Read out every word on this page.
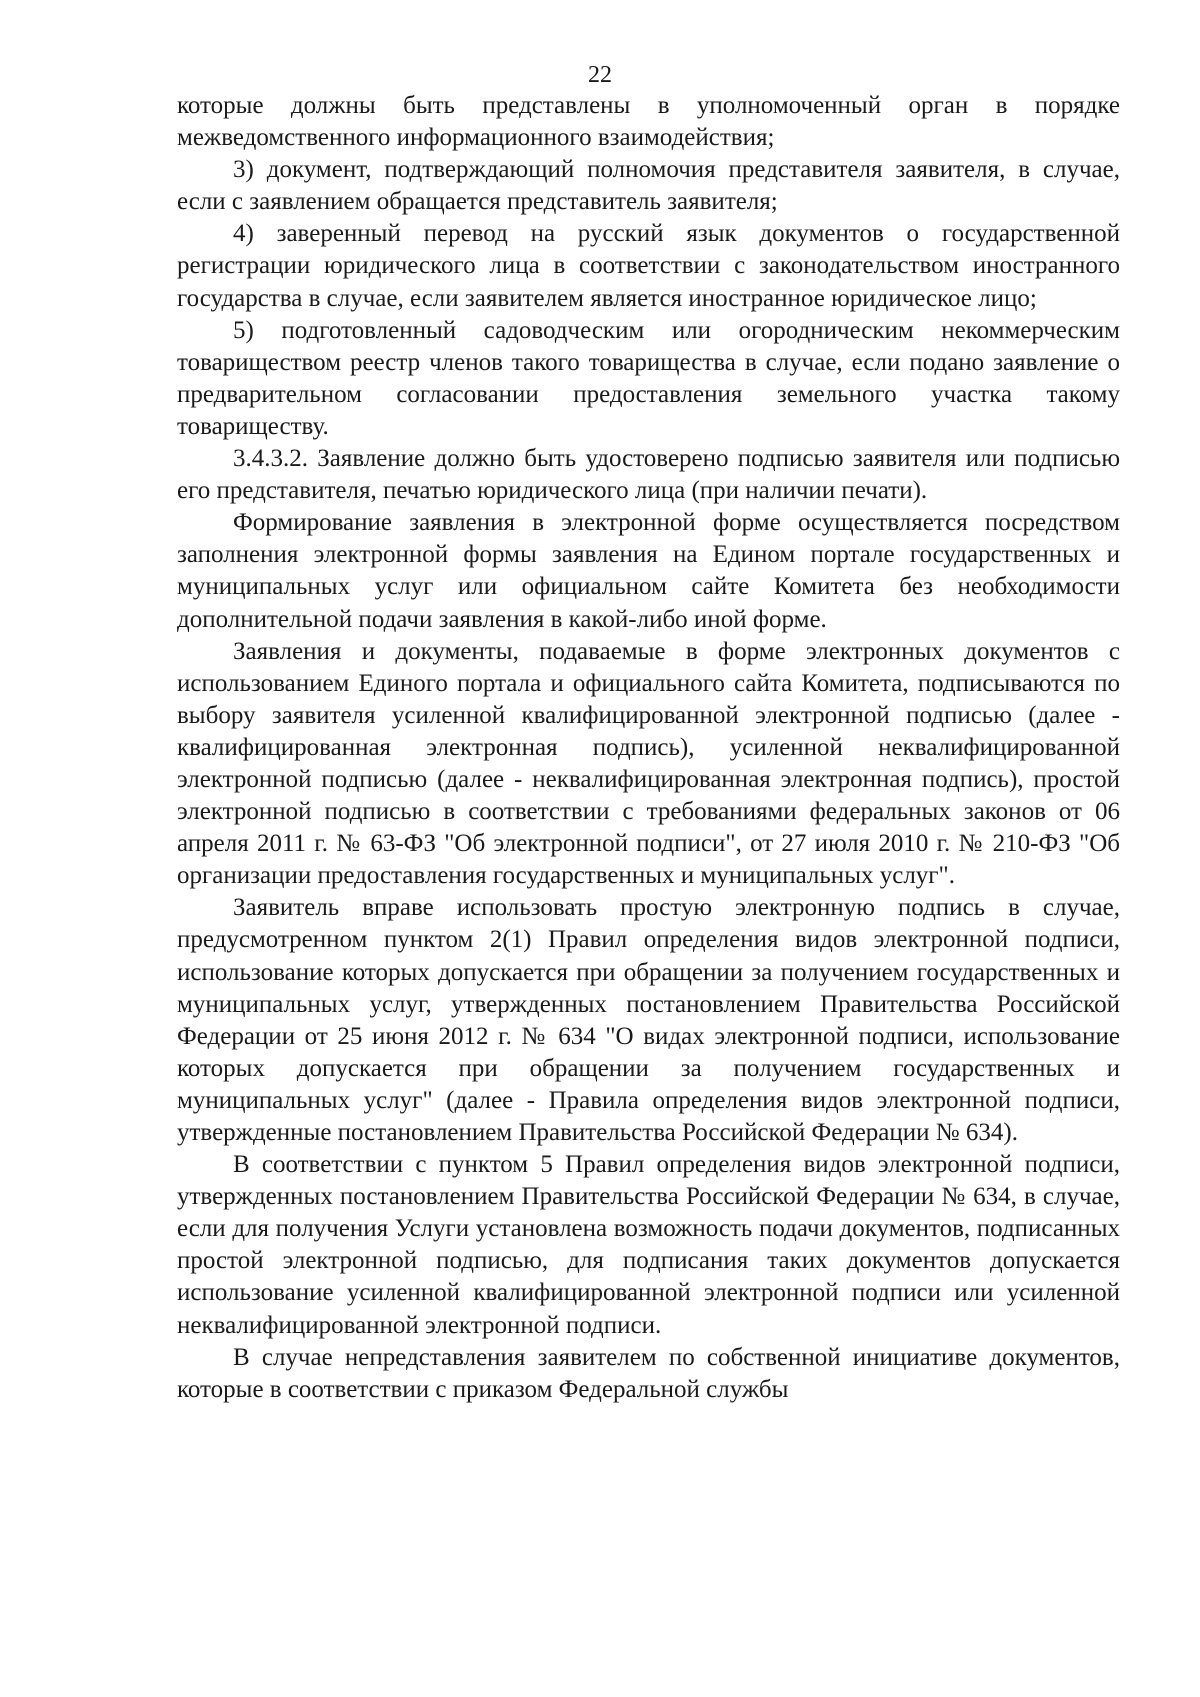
22

которые должны быть представлены в уполномоченный орган в порядке межведомственного информационного взаимодействия;

3) документ, подтверждающий полномочия представителя заявителя, в случае, если с заявлением обращается представитель заявителя;

4) заверенный перевод на русский язык документов о государственной регистрации юридического лица в соответствии с законодательством иностранного государства в случае, если заявителем является иностранное юридическое лицо;

5) подготовленный садоводческим или огородническим некоммерческим товариществом реестр членов такого товарищества в случае, если подано заявление о предварительном согласовании предоставления земельного участка такому товариществу.

3.4.3.2. Заявление должно быть удостоверено подписью заявителя или подписью его представителя, печатью юридического лица (при наличии печати).

Формирование заявления в электронной форме осуществляется посредством заполнения электронной формы заявления на Едином портале государственных и муниципальных услуг или официальном сайте Комитета без необходимости дополнительной подачи заявления в какой-либо иной форме.

Заявления и документы, подаваемые в форме электронных документов с использованием Единого портала и официального сайта Комитета, подписываются по выбору заявителя усиленной квалифицированной электронной подписью (далее - квалифицированная электронная подпись), усиленной неквалифицированной электронной подписью (далее - неквалифицированная электронная подпись), простой электронной подписью в соответствии с требованиями федеральных законов от 06 апреля 2011 г. № 63-ФЗ "Об электронной подписи", от 27 июля 2010 г. № 210-ФЗ "Об организации предоставления государственных и муниципальных услуг".

Заявитель вправе использовать простую электронную подпись в случае, предусмотренном пунктом 2(1) Правил определения видов электронной подписи, использование которых допускается при обращении за получением государственных и муниципальных услуг, утвержденных постановлением Правительства Российской Федерации от 25 июня 2012 г. № 634 "О видах электронной подписи, использование которых допускается при обращении за получением государственных и муниципальных услуг" (далее - Правила определения видов электронной подписи, утвержденные постановлением Правительства Российской Федерации № 634).

В соответствии с пунктом 5 Правил определения видов электронной подписи, утвержденных постановлением Правительства Российской Федерации № 634, в случае, если для получения Услуги установлена возможность подачи документов, подписанных простой электронной подписью, для подписания таких документов допускается использование усиленной квалифицированной электронной подписи или усиленной неквалифицированной электронной подписи.

В случае непредставления заявителем по собственной инициативе документов, которые в соответствии с приказом Федеральной службы
